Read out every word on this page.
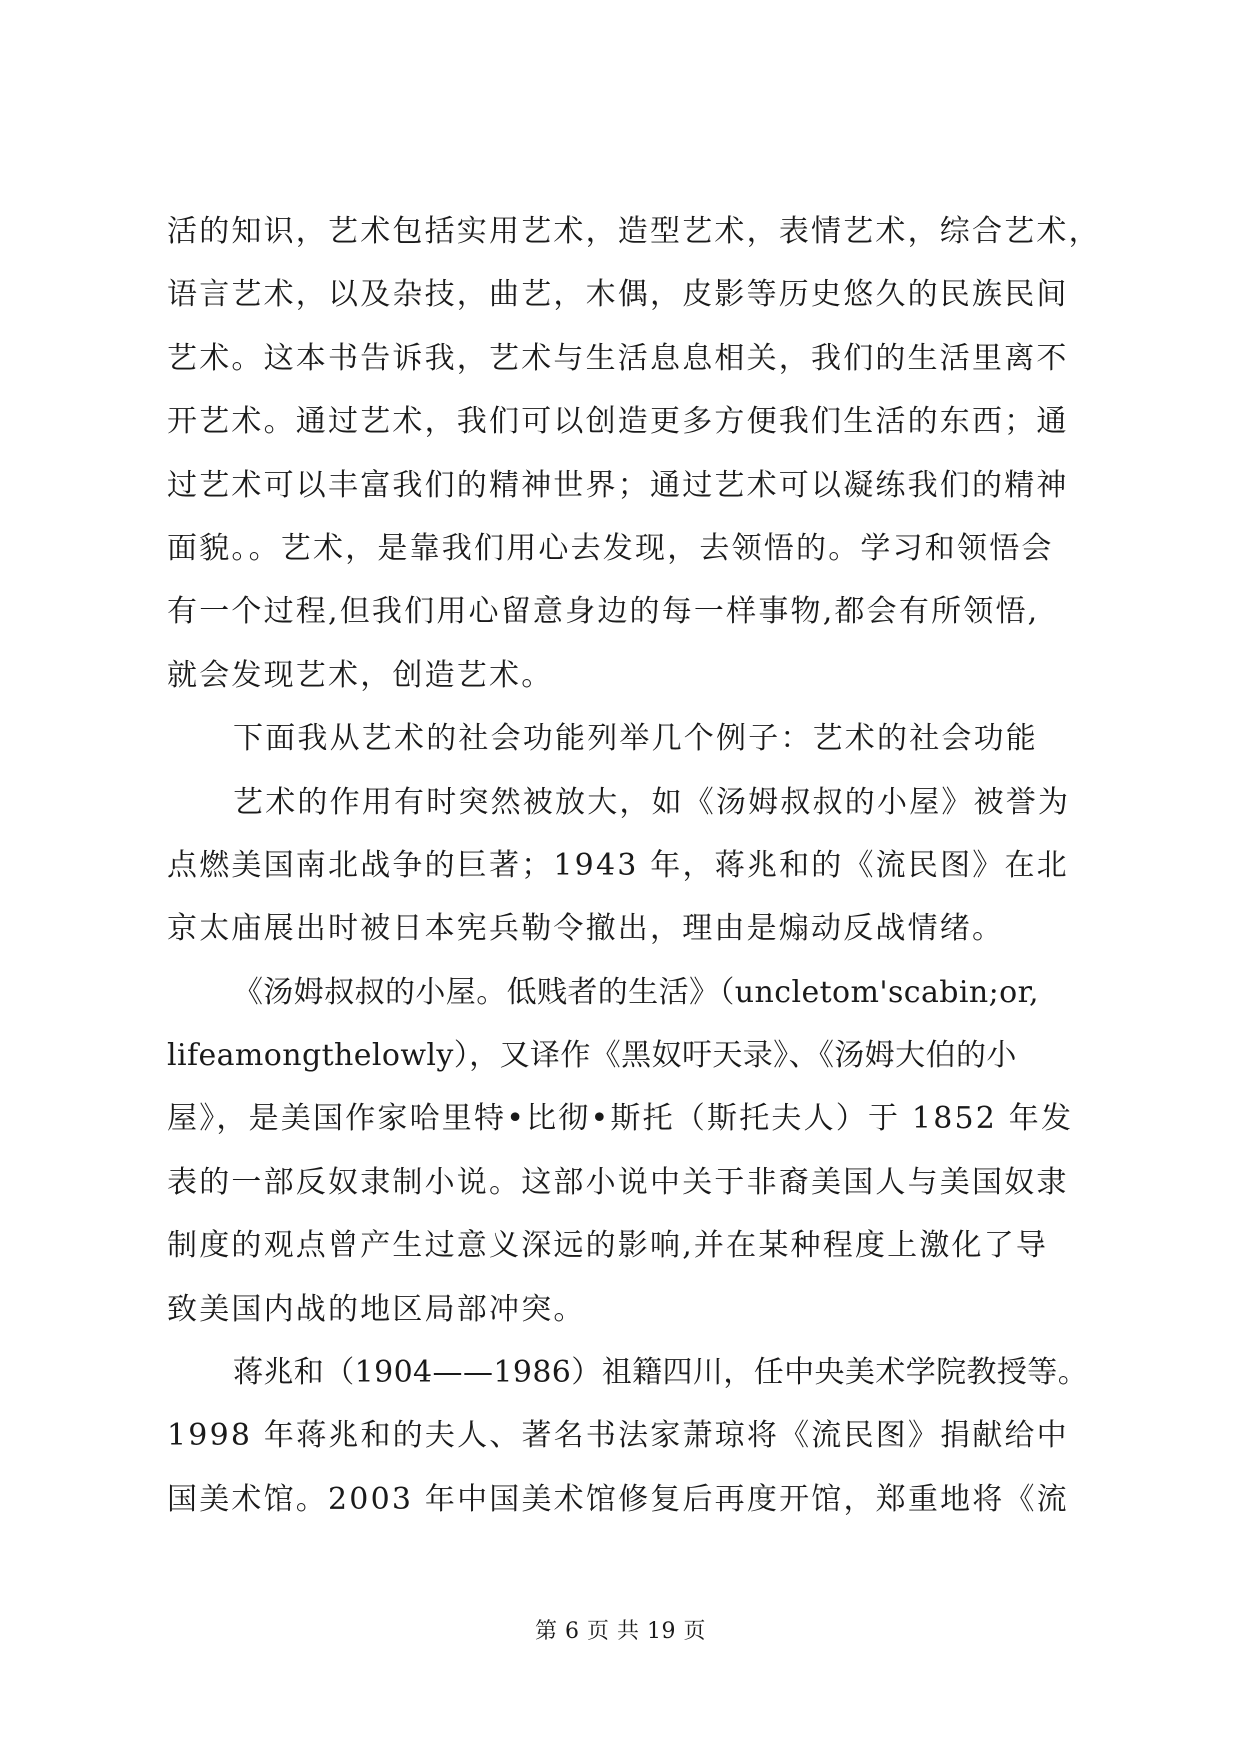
活的知识，艺术包括实用艺术，造型艺术，表情艺术，综合艺术，
语言艺术，以及杂技，曲艺，木偶，皮影等历史悠久的民族民间
艺术。这本书告诉我，艺术与生活息息相关，我们的生活里离不
开艺术。通过艺术，我们可以创造更多方便我们生活的东西；通
过艺术可以丰富我们的精神世界；通过艺术可以凝练我们的精神
面貌。。艺术，是靠我们用心去发现，去领悟的。学习和领悟会
有一个过程,但我们用心留意身边的每一样事物,都会有所领悟,
就会发现艺术，创造艺术。
下面我从艺术的社会功能列举几个例子：艺术的社会功能
艺术的作用有时突然被放大，如《汤姆叔叔的小屋》被誉为
点燃美国南北战争的巨著；1943 年，蒋兆和的《流民图》在北
京太庙展出时被日本宪兵勒令撤出，理由是煽动反战情绪。
《汤姆叔叔的小屋。低贱者的生活》（uncletom'scabin;or,
lifeamongthelowly），又译作《黑奴吁天录》、《汤姆大伯的小
屋》，是美国作家哈里特•比彻•斯托（斯托夫人）于 1852 年发
表的一部反奴隶制小说。这部小说中关于非裔美国人与美国奴隶
制度的观点曾产生过意义深远的影响,并在某种程度上激化了导
致美国内战的地区局部冲突。
蒋兆和（1904——1986）祖籍四川，任中央美术学院教授等。
1998 年蒋兆和的夫人、著名书法家萧琼将《流民图》捐献给中
国美术馆。2003 年中国美术馆修复后再度开馆，郑重地将《流
第 6 页 共 19 页
